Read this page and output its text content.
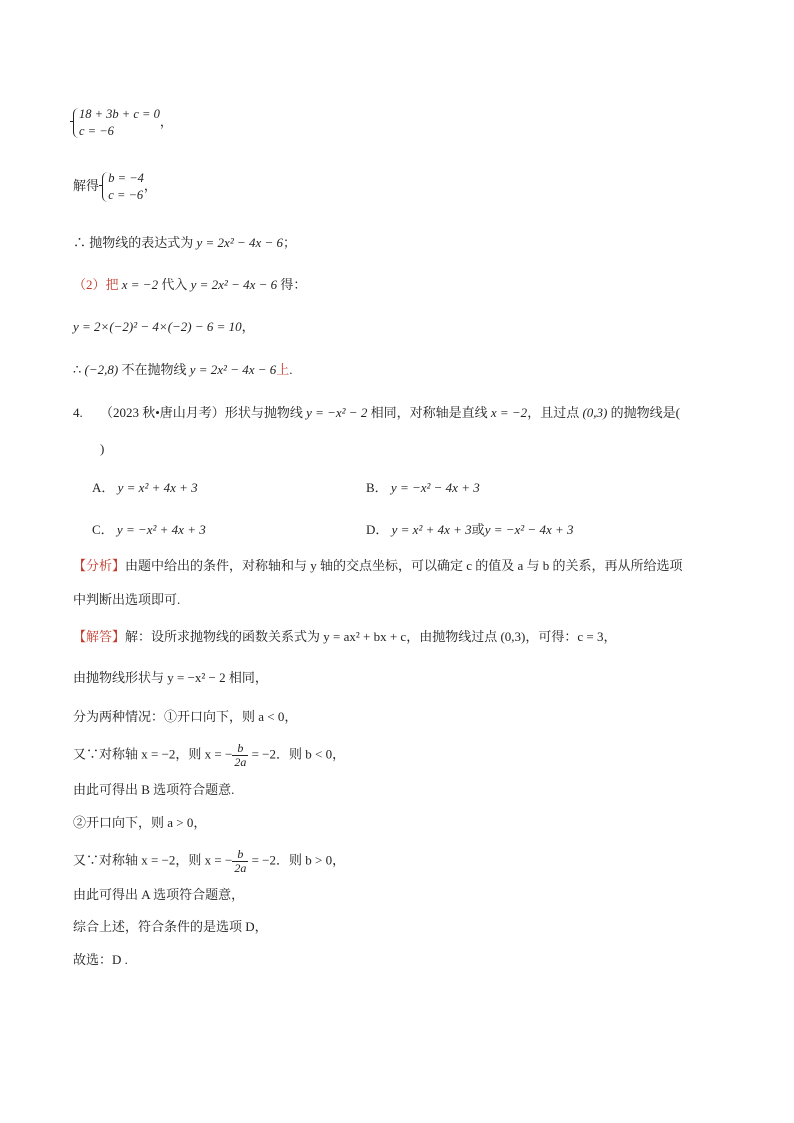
18 + 3b + c = 0
c = −6
，
解得 b = −4
c = −6
，
∴ 抛物线的表达式为 y = 2x² − 4x − 6；
（2）把 x = −2 代入 y = 2x² − 4x − 6 得：
y = 2×(−2)² − 4×(−2) − 6 = 10，
∴ (−2,8) 不在抛物线 y = 2x² − 4x − 6上.
4. （2023 秋•唐山月考）形状与抛物线 y = −x² − 2 相同，对称轴是直线 x = −2，且过点 (0,3) 的抛物线是(
)
A． y = x² + 4x + 3	B． y = −x² − 4x + 3
C． y = −x² + 4x + 3	D． y = x² + 4x + 3或y = −x² − 4x + 3
【分析】由题中给出的条件，对称轴和与 y 轴的交点坐标，可以确定 c 的值及 a 与 b 的关系，再从所给选项
中判断出选项即可.
【解答】解：设所求抛物线的函数关系式为 y = ax² + bx + c，由抛物线过点 (0,3)，可得：c = 3，
由抛物线形状与 y = −x² − 2 相同，
分为两种情况：①开口向下，则 a < 0，
又∵对称轴 x = −2，则 x = − $\frac{b}{2a} = -2$．则 b < 0，
由此可得出 B 选项符合题意.
②开口向下，则 a > 0，
又∵对称轴 x = −2，则 x = − $\frac{b}{2a} = -2$．则 b > 0，
由此可得出 A 选项符合题意，
综合上述，符合条件的是选项 D，
故选：D .
